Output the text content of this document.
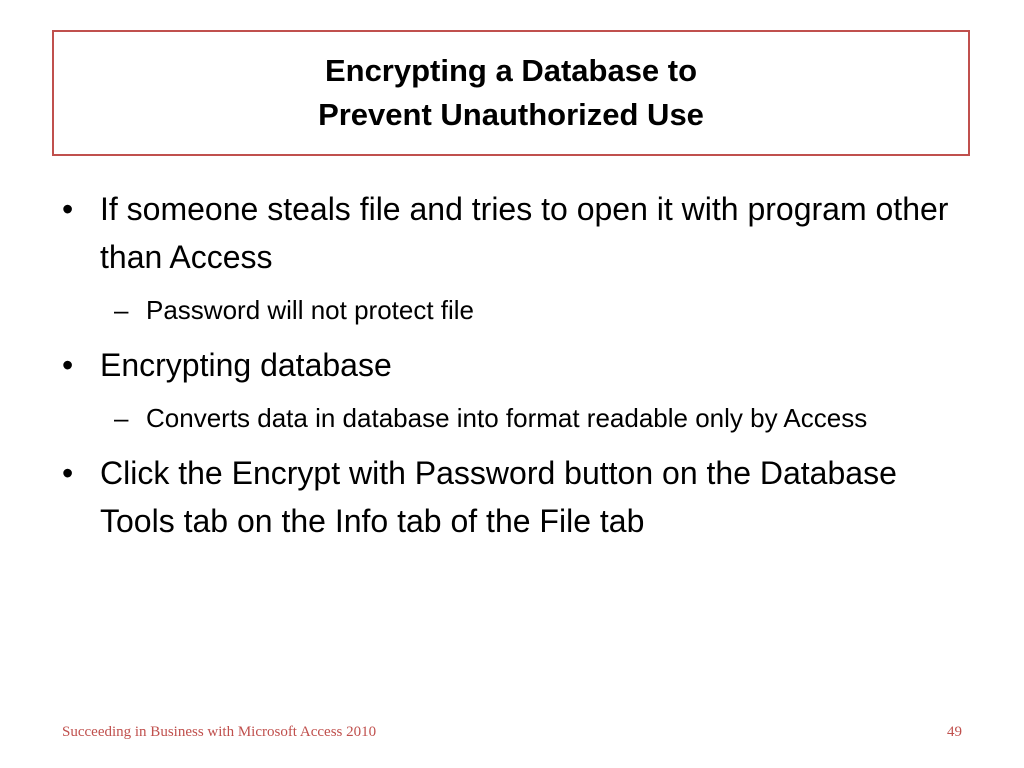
Encrypting a Database to
Prevent Unauthorized Use
• If someone steals file and tries to open it with program other than Access
– Password will not protect file
• Encrypting database
– Converts data in database into format readable only by Access
• Click the Encrypt with Password button on the Database Tools tab on the Info tab of the File tab
Succeeding in Business with Microsoft Access 2010	49
